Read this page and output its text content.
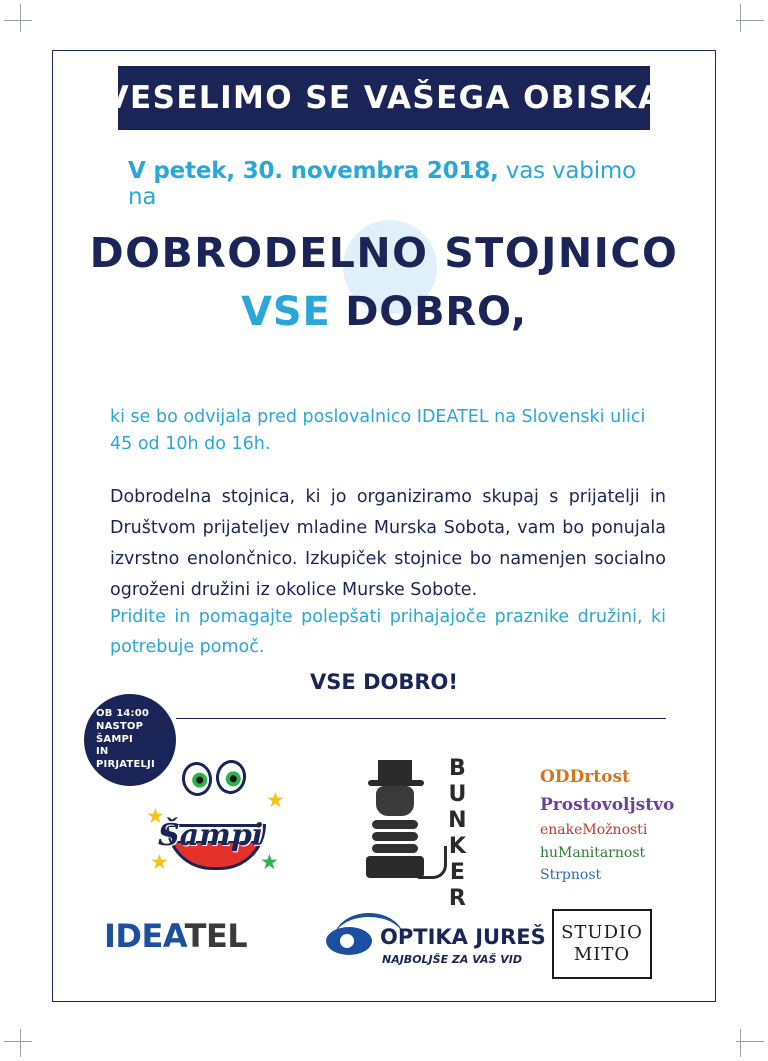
VESELIMO SE VAŠEGA OBISKA
V petek, 30. novembra 2018, vas vabimo na
DOBRODELNO STOJNICO
VSE DOBRO,
ki se bo odvijala pred poslovalnico IDEATEL na Slovenski ulici 45 od 10h do 16h.
Dobrodelna stojnica, ki jo organiziramo skupaj s prijatelji in Društvom prijateljev mladine Murska Sobota, vam bo ponujala izvrstno enolončnico. Izkupiček stojnice bo namenjen socialno ogroženi družini iz okolice Murske Sobote.
Pridite in pomagajte polepšati prihajajoče praznike družini, ki potrebuje pomoč.
VSE DOBRO!
OB 14:00
NASTOP
ŠAMPI
IN
PIRJATELJI
Šampi
★
★
★
★	BUNKER	ODDrtost
Prostovoljstvo
enakeMožnosti
huManitarnost
Strpnost
IDEATEL	OPTIKA JUREŠ
NAJBOLJŠE ZA VAŠ VID
STUDIO
MITO
